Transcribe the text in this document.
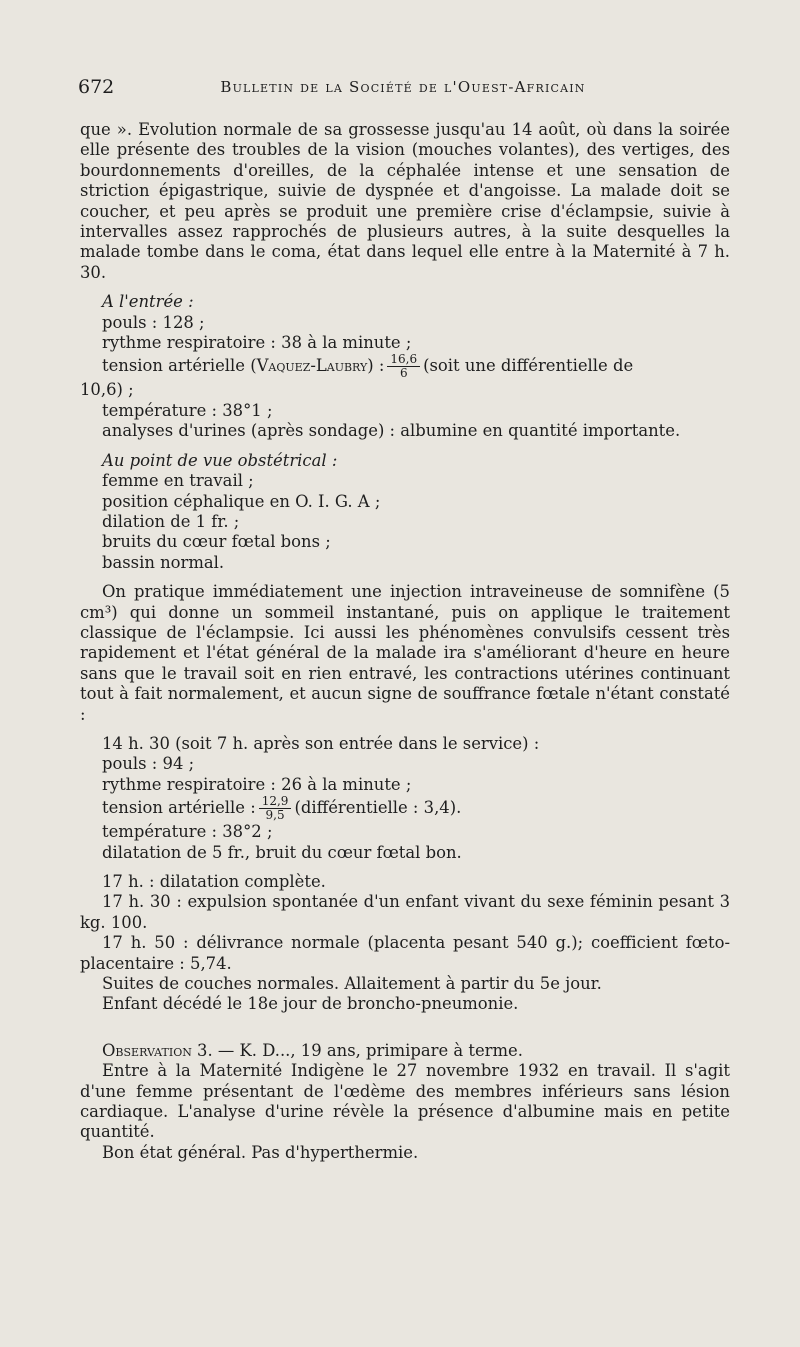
672	Bulletin de la Société de l'Ouest-Africain

que ». Evolution normale de sa grossesse jusqu'au 14 août, où dans la soirée elle présente des troubles de la vision (mouches volantes), des vertiges, des bourdonnements d'oreilles, de la céphalée intense et une sensation de striction épigastrique, suivie de dyspnée et d'angoisse. La malade doit se coucher, et peu après se produit une première crise d'éclampsie, suivie à intervalles assez rapprochés de plusieurs autres, à la suite desquelles la malade tombe dans le coma, état dans lequel elle entre à la Maternité à 7 h. 30.

A l'entrée :

pouls : 128 ;

rythme respiratoire : 38 à la minute ;

tension artérielle (Vaquez-Laubry) : $\frac{16,6}{6}$ (soit une différentielle de

10,6) ;

température : 38°1 ;

analyses d'urines (après sondage) : albumine en quantité importante.

Au point de vue obstétrical :

femme en travail ;

position céphalique en O. I. G. A ;

dilation de 1 fr. ;

bruits du cœur fœtal bons ;

bassin normal.

On pratique immédiatement une injection intraveineuse de somnifène (5 cm³) qui donne un sommeil instantané, puis on applique le traitement classique de l'éclampsie. Ici aussi les phénomènes convulsifs cessent très rapidement et l'état général de la malade ira s'améliorant d'heure en heure sans que le travail soit en rien entravé, les contractions utérines continuant tout à fait normalement, et aucun signe de souffrance fœtale n'étant constaté :

14 h. 30 (soit 7 h. après son entrée dans le service) :

pouls : 94 ;

rythme respiratoire : 26 à la minute ;

tension artérielle : $\frac{12,9}{9,5}$ (différentielle : 3,4).

température : 38°2 ;

dilatation de 5 fr., bruit du cœur fœtal bon.

17 h. : dilatation complète.

17 h. 30 : expulsion spontanée d'un enfant vivant du sexe féminin pesant 3 kg. 100.

17 h. 50 : délivrance normale (placenta pesant 540 g.); coefficient fœto-placentaire : 5,74.

Suites de couches normales. Allaitement à partir du 5e jour.

Enfant décédé le 18e jour de broncho-pneumonie.

Observation 3. — K. D..., 19 ans, primipare à terme.

Entre à la Maternité Indigène le 27 novembre 1932 en travail. Il s'agit d'une femme présentant de l'œdème des membres inférieurs sans lésion cardiaque. L'analyse d'urine révèle la présence d'albumine mais en petite quantité.

Bon état général. Pas d'hyperthermie.
